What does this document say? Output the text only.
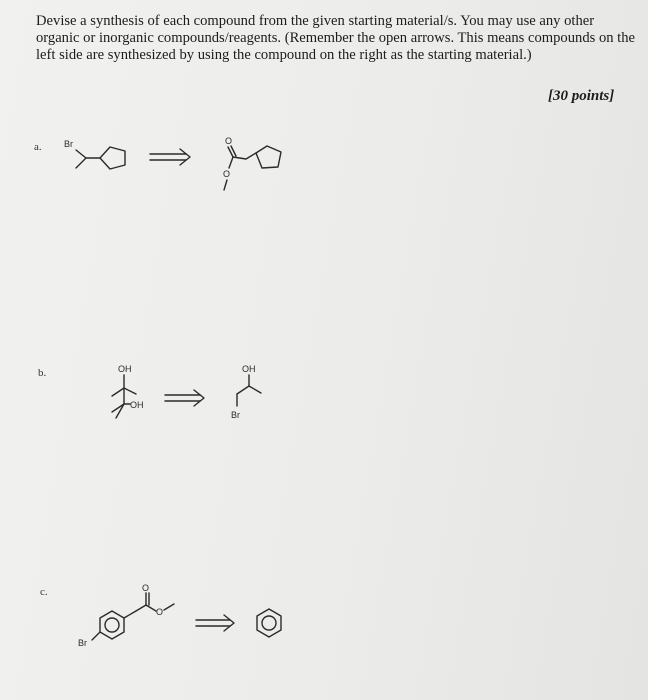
Devise a synthesis of each compound from the given starting material/s. You may use any other organic or inorganic compounds/reagents. (Remember the open arrows. This means compounds on the left side are synthesized by using the compound on the right as the starting material.)
[30 points]
a. Br	O
O
b.	OH
OH
OH
Br
c.
Br
O
O
